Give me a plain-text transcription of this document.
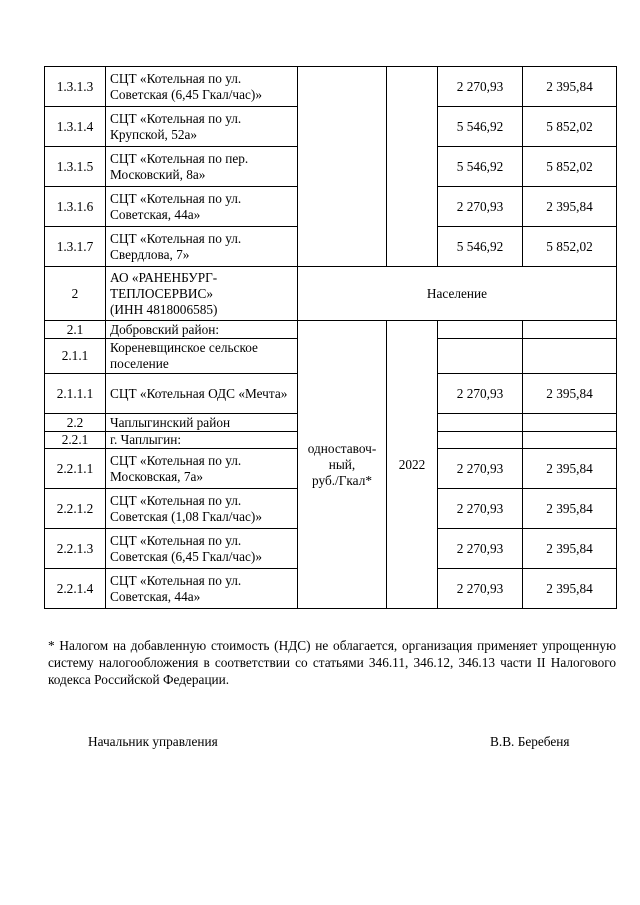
1.3.1.3	СЦТ «Котельная по ул. Советская (6,45 Гкал/час)»			2 270,93	2 395,84
1.3.1.4	СЦТ «Котельная по ул. Крупской, 52а»			5 546,92	5 852,02
1.3.1.5	СЦТ «Котельная по пер. Московский, 8а»			5 546,92	5 852,02
1.3.1.6	СЦТ «Котельная по ул. Советская, 44а»			2 270,93	2 395,84
1.3.1.7	СЦТ «Котельная по ул. Свердлова, 7»			5 546,92	5 852,02
2	АО «РАНЕНБУРГ-
ТЕПЛОСЕРВИС»
(ИНН 4818006585)	Население			
2.1	Добровский район:	одноставоч-
ный,
руб./Гкал*	2022		
2.1.1	Кореневщинское сельское поселение				
2.1.1.1	СЦТ «Котельная ОДС «Мечта»			2 270,93	2 395,84
2.2	Чаплыгинский район				
2.2.1	г. Чаплыгин:				
2.2.1.1	СЦТ «Котельная по ул. Московская, 7а»			2 270,93	2 395,84
2.2.1.2	СЦТ «Котельная по ул. Советская (1,08 Гкал/час)»			2 270,93	2 395,84
2.2.1.3	СЦТ «Котельная по ул. Советская (6,45 Гкал/час)»			2 270,93	2 395,84
2.2.1.4	СЦТ «Котельная по ул. Советская, 44а»			2 270,93	2 395,84
* Налогом на добавленную стоимость (НДС) не облагается, организация применяет упрощенную систему налогообложения в соответствии со статьями 346.11, 346.12, 346.13 части II Налогового кодекса Российской Федерации.
Начальник управления	В.В. Беребеня
